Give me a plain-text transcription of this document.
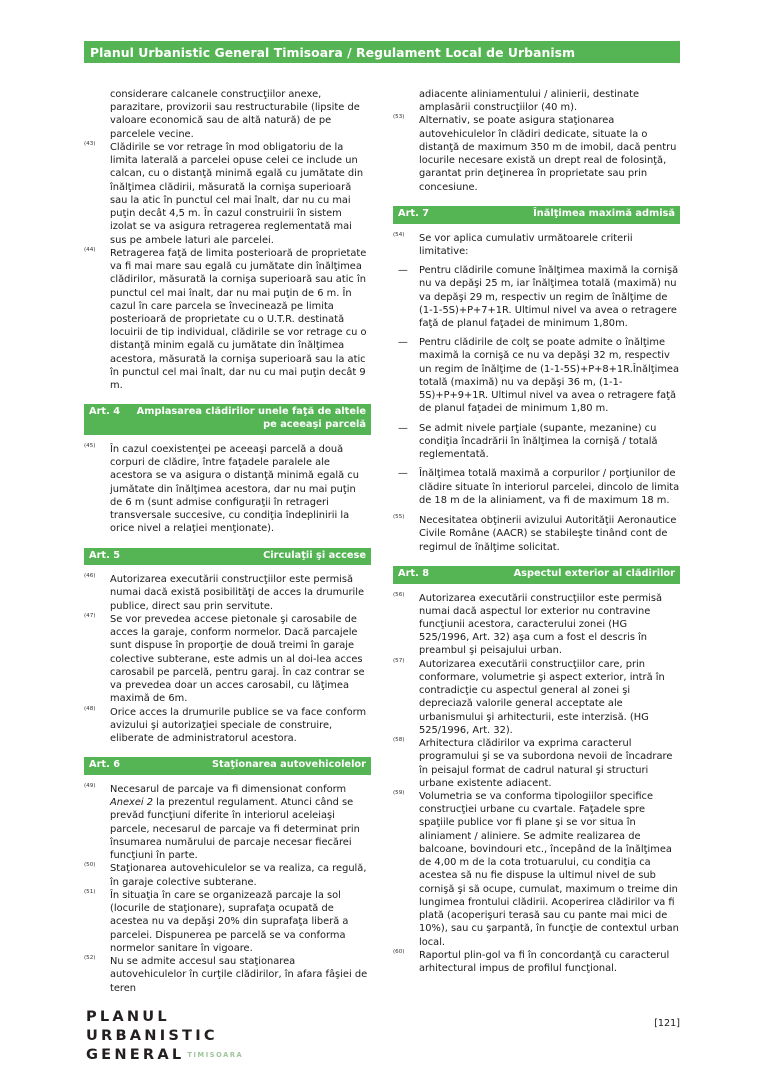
Planul Urbanistic General Timisoara / Regulament Local de Urbanism
considerare calcanele construcţiilor anexe, parazitare, provizorii sau restructurabile (lipsite de valoare economică sau de altă natură) de pe parcelele vecine.
(43)	Clădirile se vor retrage în mod obligatoriu de la limita laterală a parcelei opuse celei ce include un calcan, cu o distanţă minimă egală cu jumătate din înălţimea clădirii, măsurată la cornişa superioară sau la atic în punctul cel mai înalt, dar nu cu mai puţin decât 4,5 m. În cazul construirii în sistem izolat se va asigura retragerea reglementată mai sus pe ambele laturi ale parcelei.
(44)	Retragerea faţă de limita posterioară de proprietate va fi mai mare sau egală cu jumătate din înălţimea clădirilor, măsurată la cornişa superioară sau atic în punctul cel mai înalt, dar nu mai puţin de 6 m. În cazul în care parcela se învecinează pe limita posterioară de proprietate cu o U.T.R. destinată locuirii de tip individual, clădirile se vor retrage cu o distanţă minim egală cu jumătate din înălţimea acestora, măsurată la cornişa superioară sau la atic în punctul cel mai înalt, dar nu cu mai puţin decât 9 m.
Art. 4	Amplasarea clădirilor unele faţă de altele pe aceeaşi parcelă
(45)	În cazul coexistenţei pe aceeaşi parcelă a două corpuri de clădire, între faţadele paralele ale acestora se va asigura o distanţă minimă egală cu jumătate din înălţimea acestora, dar nu mai puţin de 6 m (sunt admise configuraţii în retrageri transversale succesive, cu condiţia îndeplinirii la orice nivel a relaţiei menţionate).
Art. 5	Circulaţii şi accese
(46)	Autorizarea executării construcţiilor este permisă numai dacă există posibilităţi de acces la drumurile publice, direct sau prin servitute.
(47)	Se vor prevedea accese pietonale şi carosabile de acces la garaje, conform normelor. Dacă parcajele sunt dispuse în proporţie de două treimi în garaje colective subterane, este admis un al doi-lea acces carosabil pe parcelă, pentru garaj. În caz contrar se va prevedea doar un acces carosabil, cu lăţimea maximă de 6m.
(48)	Orice acces la drumurile publice se va face conform avizului şi autorizaţiei speciale de construire, eliberate de administratorul acestora.
Art. 6	Staţionarea autovehicolelor
(49)	Necesarul de parcaje va fi dimensionat conform Anexei 2 la prezentul regulament. Atunci când se prevăd funcţiuni diferite în interiorul aceleiaşi parcele, necesarul de parcaje va fi determinat prin însumarea numărului de parcaje necesar fiecărei funcţiuni în parte.
(50)	Staţionarea autovehiculelor se va realiza, ca regulă, în garaje colective subterane.
(51)	În situaţia în care se organizează parcaje la sol (locurile de staţionare), suprafaţa ocupată de acestea nu va depăşi 20% din suprafaţa liberă a parcelei. Dispunerea pe parcelă se va conforma normelor sanitare în vigoare.
(52)	Nu se admite accesul sau staţionarea autovehiculelor în curţile clădirilor, în afara fâşiei de teren
adiacente aliniamentului / alinierii, destinate amplasării construcţiilor (40 m).
(53)	Alternativ, se poate asigura staţionarea autovehiculelor în clădiri dedicate, situate la o distanţă de maximum 350 m de imobil, dacă pentru locurile necesare există un drept real de folosinţă, garantat prin deţinerea în proprietate sau prin concesiune.
Art. 7	Înălţimea maximă admisă
(54)	Se vor aplica cumulativ următoarele criterii limitative:
—	Pentru clădirile comune înălţimea maximă la cornişă nu va depăşi 25 m, iar înălţimea totală (maximă) nu va depăşi 29 m, respectiv un regim de înălţime de (1-1-5S)+P+7+1R. Ultimul nivel va avea o retragere faţă de planul faţadei de minimum 1,80m.
—	Pentru clădirile de colţ se poate admite o înălţime maximă la cornişă ce nu va depăşi 32 m, respectiv un regim de înălţime de (1-1-5S)+P+8+1R.Înălţimea totală (maximă) nu va depăşi 36 m, (1-1-5S)+P+9+1R. Ultimul nivel va avea o retragere faţă de planul faţadei de minimum 1,80 m.
—	Se admit nivele parţiale (supante, mezanine) cu condiţia încadrării în înălţimea la cornişă / totală reglementată.
—	Înălţimea totală maximă a corpurilor / porţiunilor de clădire situate în interiorul parcelei, dincolo de limita de 18 m de la aliniament, va fi de maximum 18 m.
(55)	Necesitatea obţinerii avizului Autorităţii Aeronautice Civile Române (AACR) se stabileşte tinând cont de regimul de înălţime solicitat.
Art. 8	Aspectul exterior al clădirilor
(56)	Autorizarea executării construcţiilor este permisă numai dacă aspectul lor exterior nu contravine funcţiunii acestora, caracterului zonei (HG 525/1996, Art. 32) aşa cum a fost el descris în preambul şi peisajului urban.
(57)	Autorizarea executării construcţiilor care, prin conformare, volumetrie şi aspect exterior, intră în contradicţie cu aspectul general al zonei şi depreciază valorile general acceptate ale urbanismului şi arhitecturii, este interzisă. (HG 525/1996, Art. 32).
(58)	Arhitectura clădirilor va exprima caracterul programului şi se va subordona nevoii de încadrare în peisajul format de cadrul natural şi structuri urbane existente adiacent.
(59)	Volumetria se va conforma tipologiilor specifice construcţiei urbane cu cvartale. Faţadele spre spaţiile publice vor fi plane şi se vor situa în aliniament / aliniere. Se admite realizarea de balcoane, bovindouri etc., începând de la înălţimea de 4,00 m de la cota trotuarului, cu condiţia ca acestea să nu fie dispuse la ultimul nivel de sub cornişă şi să ocupe, cumulat, maximum o treime din lungimea frontului clădirii. Acoperirea clădirilor va fi plată (acoperişuri terasă sau cu pante mai mici de 10%), sau cu şarpantă, în funcţie de contextul urban local.
(60)	Raportul plin-gol va fi în concordanţă cu caracterul arhitectural impus de profilul funcţional.
PLANUL
URBANISTIC
GENERAL $^{TIMISOARA}$
[121]
